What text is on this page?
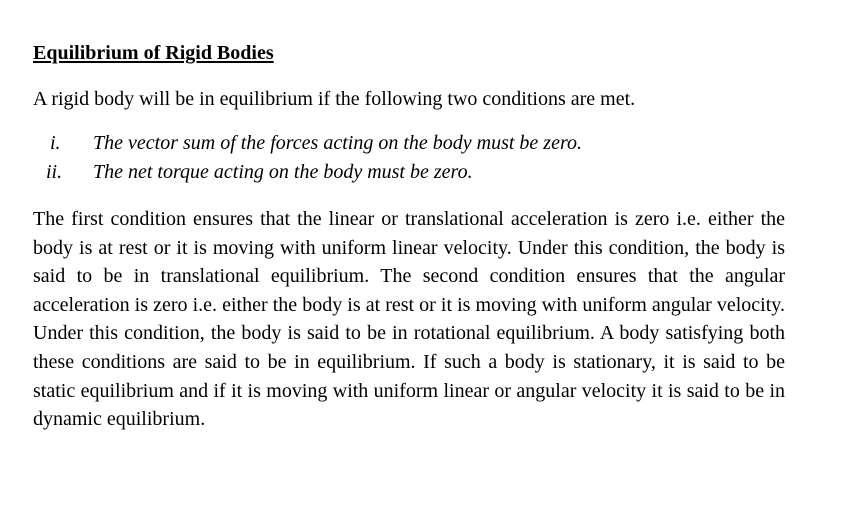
Equilibrium of Rigid Bodies

A rigid body will be in equilibrium if the following two conditions are met.

i.	The vector sum of the forces acting on the body must be zero.
ii.	The net torque acting on the body must be zero.

The first condition ensures that the linear or translational acceleration is zero i.e. either the body is at rest or it is moving with uniform linear velocity. Under this condition, the body is said to be in translational equilibrium. The second condition ensures that the angular acceleration is zero i.e. either the body is at rest or it is moving with uniform angular velocity. Under this condition, the body is said to be in rotational equilibrium. A body satisfying both these conditions are said to be in equilibrium. If such a body is stationary, it is said to be static equilibrium and if it is moving with uniform linear or angular velocity it is said to be in dynamic equilibrium.
